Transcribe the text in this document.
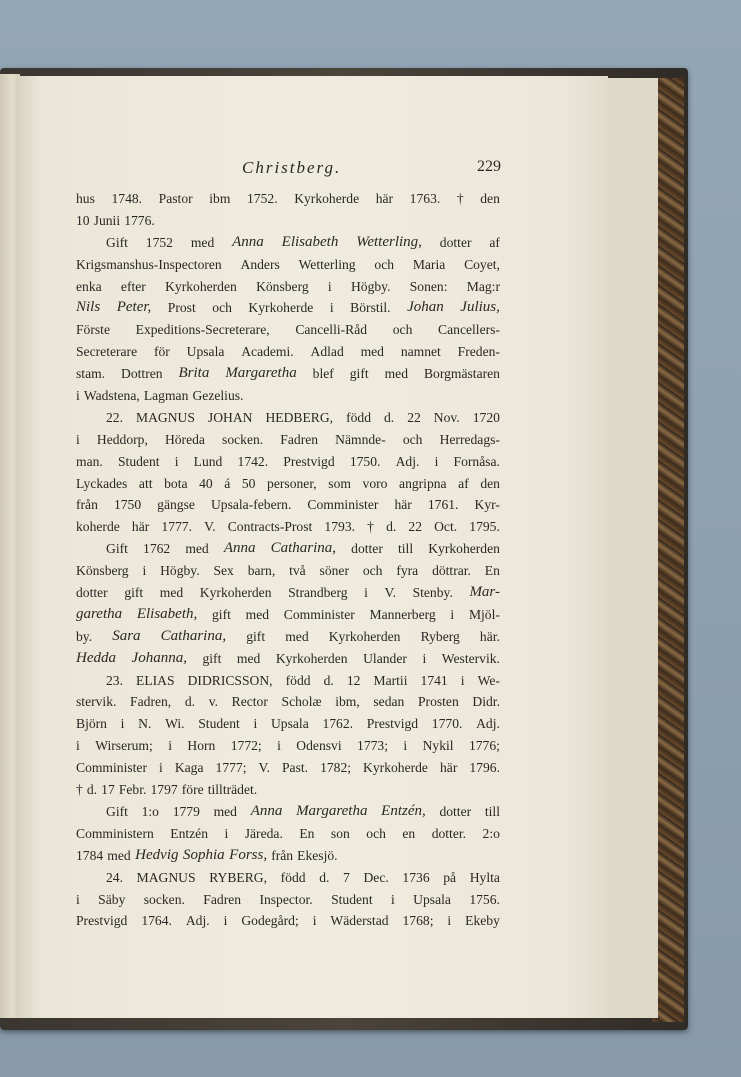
Christberg.	229
hus 1748. Pastor ibm 1752. Kyrkoherde här 1763. † den
10 Junii 1776.
Gift 1752 med Anna Elisabeth Wetterling, dotter af
Krigsmanshus-Inspectoren Anders Wetterling och Maria Coyet,
enka efter Kyrkoherden Könsberg i Högby. Sonen: Mag:r
Nils Peter, Prost och Kyrkoherde i Börstil. Johan Julius,
Förste Expeditions-Secreterare, Cancelli-Råd och Cancellers-
Secreterare för Upsala Academi. Adlad med namnet Freden-
stam. Dottren Brita Margaretha blef gift med Borgmästaren
i Wadstena, Lagman Gezelius.
22. MAGNUS JOHAN HEDBERG, född d. 22 Nov. 1720
i Heddorp, Höreda socken. Fadren Nämnde- och Herredags-
man. Student i Lund 1742. Prestvigd 1750. Adj. i Fornåsa.
Lyckades att bota 40 á 50 personer, som voro angripna af den
från 1750 gängse Upsala-febern. Comminister här 1761. Kyr-
koherde här 1777. V. Contracts-Prost 1793. † d. 22 Oct. 1795.
Gift 1762 med Anna Catharina, dotter till Kyrkoherden
Könsberg i Högby. Sex barn, två söner och fyra döttrar. En
dotter gift med Kyrkoherden Strandberg i V. Stenby. Mar-
garetha Elisabeth, gift med Comminister Mannerberg i Mjöl-
by. Sara Catharina, gift med Kyrkoherden Ryberg här.
Hedda Johanna, gift med Kyrkoherden Ulander i Westervik.
23. ELIAS DIDRICSSON, född d. 12 Martii 1741 i We-
stervik. Fadren, d. v. Rector Scholæ ibm, sedan Prosten Didr.
Björn i N. Wi. Student i Upsala 1762. Prestvigd 1770. Adj.
i Wirserum; i Horn 1772; i Odensvi 1773; i Nykil 1776;
Comminister i Kaga 1777; V. Past. 1782; Kyrkoherde här 1796.
† d. 17 Febr. 1797 före tillträdet.
Gift 1:o 1779 med Anna Margaretha Entzén, dotter till
Comministern Entzén i Järeda. En son och en dotter. 2:o
1784 med Hedvig Sophia Forss, från Ekesjö.
24. MAGNUS RYBERG, född d. 7 Dec. 1736 på Hylta
i Säby socken. Fadren Inspector. Student i Upsala 1756.
Prestvigd 1764. Adj. i Godegård; i Wäderstad 1768; i Ekeby
